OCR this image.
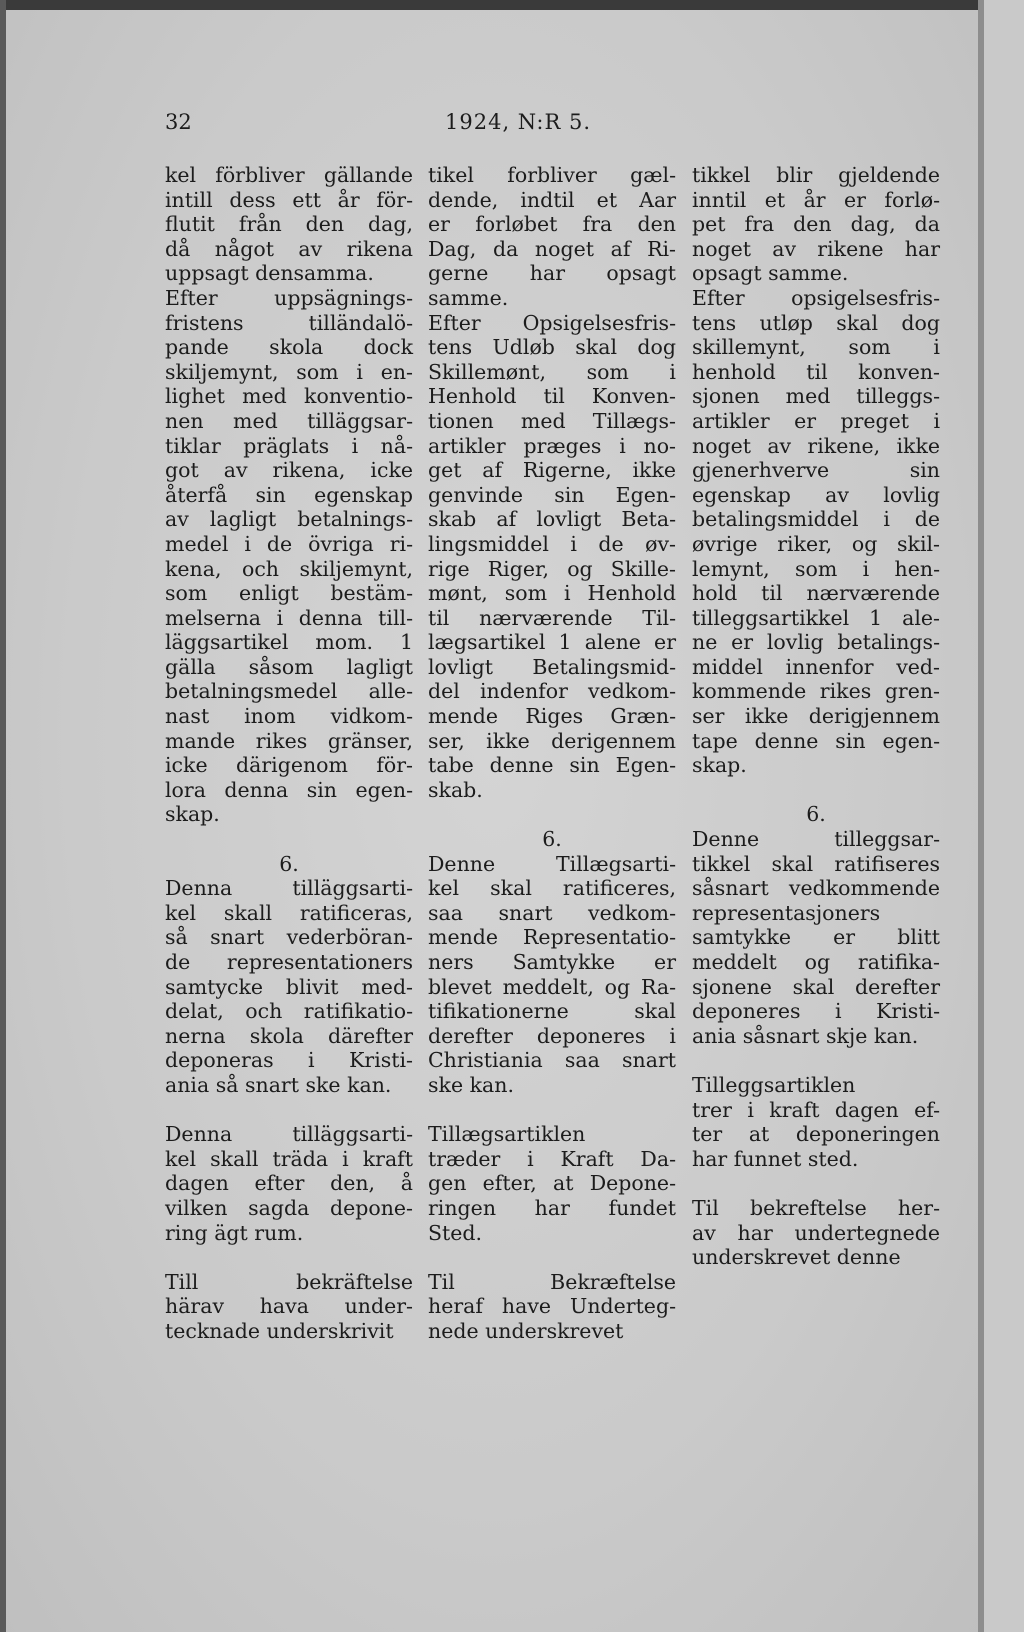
32	1924, N:R 5.
kel förbliver gällande
intill dess ett år för-
flutit från den dag,
då något av rikena
uppsagt densamma.
Efter uppsägnings-
fristens tilländalö-
pande skola dock
skiljemynt, som i en-
lighet med konventio-
nen med tilläggsar-
tiklar präglats i nå-
got av rikena, icke
återfå sin egenskap
av lagligt betalnings-
medel i de övriga ri-
kena, och skiljemynt,
som enligt bestäm-
melserna i denna till-
läggsartikel mom. 1
gälla såsom lagligt
betalningsmedel alle-
nast inom vidkom-
mande rikes gränser,
icke därigenom för-
lora denna sin egen-
skap.
6.
Denna tilläggsarti-
kel skall ratificeras,
så snart vederböran-
de representationers
samtycke blivit med-
delat, och ratifikatio-
nerna skola därefter
deponeras i Kristi-
ania så snart ske kan.
Denna tilläggsarti-
kel skall träda i kraft
dagen efter den, å
vilken sagda depone-
ring ägt rum.
Till bekräftelse
härav hava under-
tecknade underskrivit
tikel forbliver gæl-
dende, indtil et Aar
er forløbet fra den
Dag, da noget af Ri-
gerne har opsagt
samme.
Efter Opsigelsesfris-
tens Udløb skal dog
Skillemønt, som i
Henhold til Konven-
tionen med Tillægs-
artikler præges i no-
get af Rigerne, ikke
genvinde sin Egen-
skab af lovligt Beta-
lingsmiddel i de øv-
rige Riger, og Skille-
mønt, som i Henhold
til nærværende Til-
lægsartikel 1 alene er
lovligt Betalingsmid-
del indenfor vedkom-
mende Riges Græn-
ser, ikke derigennem
tabe denne sin Egen-
skab.
6.
Denne Tillægsarti-
kel skal ratificeres,
saa snart vedkom-
mende Representatio-
ners Samtykke er
blevet meddelt, og Ra-
tifikationerne skal
derefter deponeres i
Christiania saa snart
ske kan.
Tillægsartiklen
træder i Kraft Da-
gen efter, at Depone-
ringen har fundet
Sted.
Til Bekræftelse
heraf have Underteg-
nede underskrevet
tikkel blir gjeldende
inntil et år er forlø-
pet fra den dag, da
noget av rikene har
opsagt samme.
Efter opsigelsesfris-
tens utløp skal dog
skillemynt, som i
henhold til konven-
sjonen med tilleggs-
artikler er preget i
noget av rikene, ikke
gjenerhverve sin
egenskap av lovlig
betalingsmiddel i de
øvrige riker, og skil-
lemynt, som i hen-
hold til nærværende
tilleggsartikkel 1 ale-
ne er lovlig betalings-
middel innenfor ved-
kommende rikes gren-
ser ikke derigjennem
tape denne sin egen-
skap.
6.
Denne tilleggsar-
tikkel skal ratifiseres
såsnart vedkommende
representasjoners
samtykke er blitt
meddelt og ratifika-
sjonene skal derefter
deponeres i Kristi-
ania såsnart skje kan.
Tilleggsartiklen
trer i kraft dagen ef-
ter at deponeringen
har funnet sted.
Til bekreftelse her-
av har undertegnede
underskrevet denne
